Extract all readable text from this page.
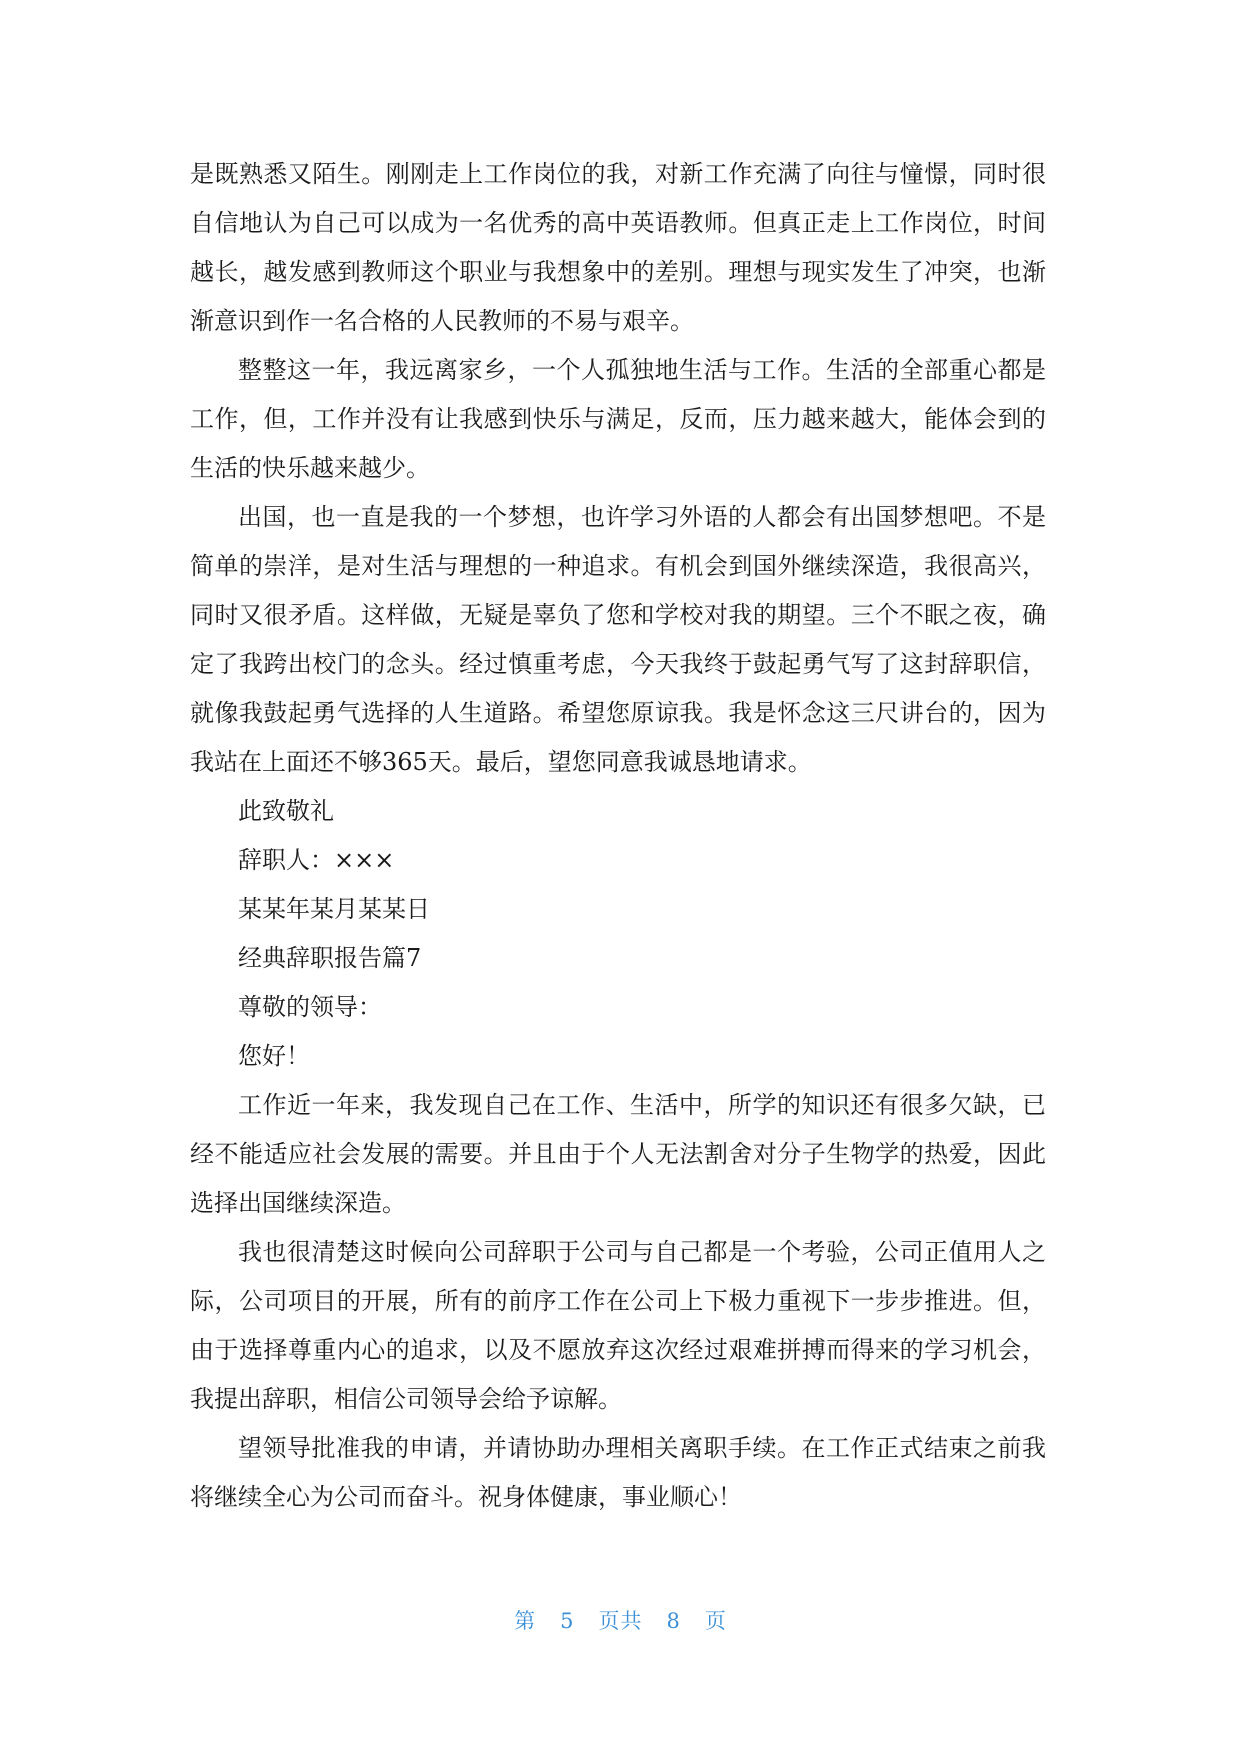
是既熟悉又陌生。刚刚走上工作岗位的我，对新工作充满了向往与憧憬，同时很自信地认为自己可以成为一名优秀的高中英语教师。但真正走上工作岗位，时间越长，越发感到教师这个职业与我想象中的差别。理想与现实发生了冲突，也渐渐意识到作一名合格的人民教师的不易与艰辛。

整整这一年，我远离家乡，一个人孤独地生活与工作。生活的全部重心都是工作，但，工作并没有让我感到快乐与满足，反而，压力越来越大，能体会到的生活的快乐越来越少。

出国，也一直是我的一个梦想，也许学习外语的人都会有出国梦想吧。不是简单的崇洋，是对生活与理想的一种追求。有机会到国外继续深造，我很高兴，同时又很矛盾。这样做，无疑是辜负了您和学校对我的期望。三个不眠之夜，确定了我跨出校门的念头。经过慎重考虑，今天我终于鼓起勇气写了这封辞职信，就像我鼓起勇气选择的人生道路。希望您原谅我。我是怀念这三尺讲台的，因为我站在上面还不够365天。最后，望您同意我诚恳地请求。

此致敬礼

辞职人：×××

某某年某月某某日

经典辞职报告篇7

尊敬的领导：

您好！

工作近一年来，我发现自己在工作、生活中，所学的知识还有很多欠缺，已经不能适应社会发展的需要。并且由于个人无法割舍对分子生物学的热爱，因此选择出国继续深造。

我也很清楚这时候向公司辞职于公司与自己都是一个考验，公司正值用人之际，公司项目的开展，所有的前序工作在公司上下极力重视下一步步推进。但，由于选择尊重内心的追求，以及不愿放弃这次经过艰难拼搏而得来的学习机会，我提出辞职，相信公司领导会给予谅解。

望领导批准我的申请，并请协助办理相关离职手续。在工作正式结束之前我将继续全心为公司而奋斗。祝身体健康，事业顺心！

第 5 页共 8 页
